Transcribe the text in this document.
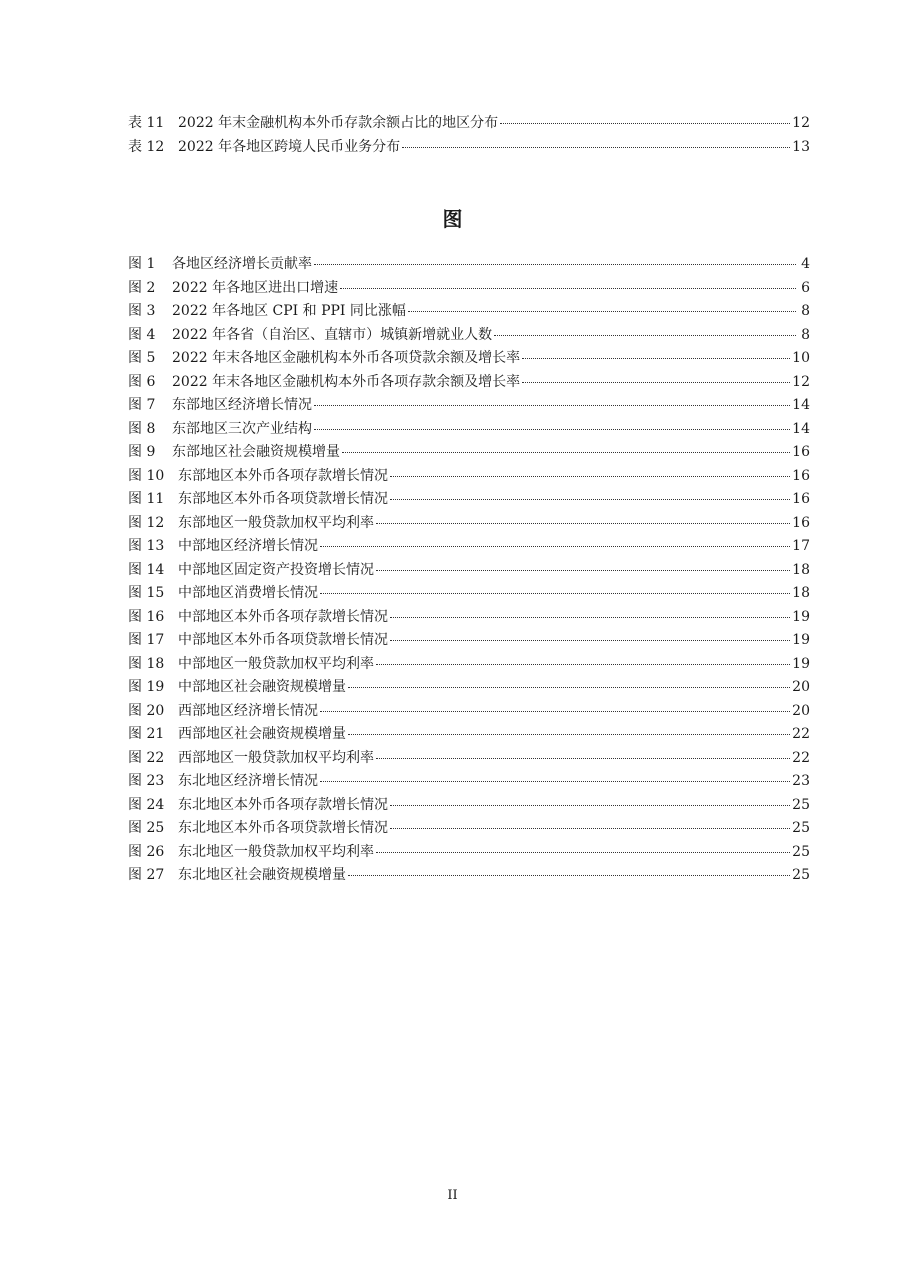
表 11 2022 年末金融机构本外币存款余额占比的地区分布	12
表 12 2022 年各地区跨境人民币业务分布	13
图
图 1	各地区经济增长贡献率	4
图 2	2022 年各地区进出口增速	6
图 3	2022 年各地区 CPI 和 PPI 同比涨幅	8
图 4	2022 年各省（自治区、直辖市）城镇新增就业人数	8
图 5	2022 年末各地区金融机构本外币各项贷款余额及增长率	10
图 6	2022 年末各地区金融机构本外币各项存款余额及增长率	12
图 7	东部地区经济增长情况	14
图 8	东部地区三次产业结构	14
图 9	东部地区社会融资规模增量	16
图 10 东部地区本外币各项存款增长情况	16
图 11 东部地区本外币各项贷款增长情况	16
图 12 东部地区一般贷款加权平均利率	16
图 13 中部地区经济增长情况	17
图 14 中部地区固定资产投资增长情况	18
图 15 中部地区消费增长情况	18
图 16 中部地区本外币各项存款增长情况	19
图 17 中部地区本外币各项贷款增长情况	19
图 18 中部地区一般贷款加权平均利率	19
图 19 中部地区社会融资规模增量	20
图 20 西部地区经济增长情况	20
图 21 西部地区社会融资规模增量	22
图 22 西部地区一般贷款加权平均利率	22
图 23 东北地区经济增长情况	23
图 24 东北地区本外币各项存款增长情况	25
图 25 东北地区本外币各项贷款增长情况	25
图 26 东北地区一般贷款加权平均利率	25
图 27 东北地区社会融资规模增量	25
II
